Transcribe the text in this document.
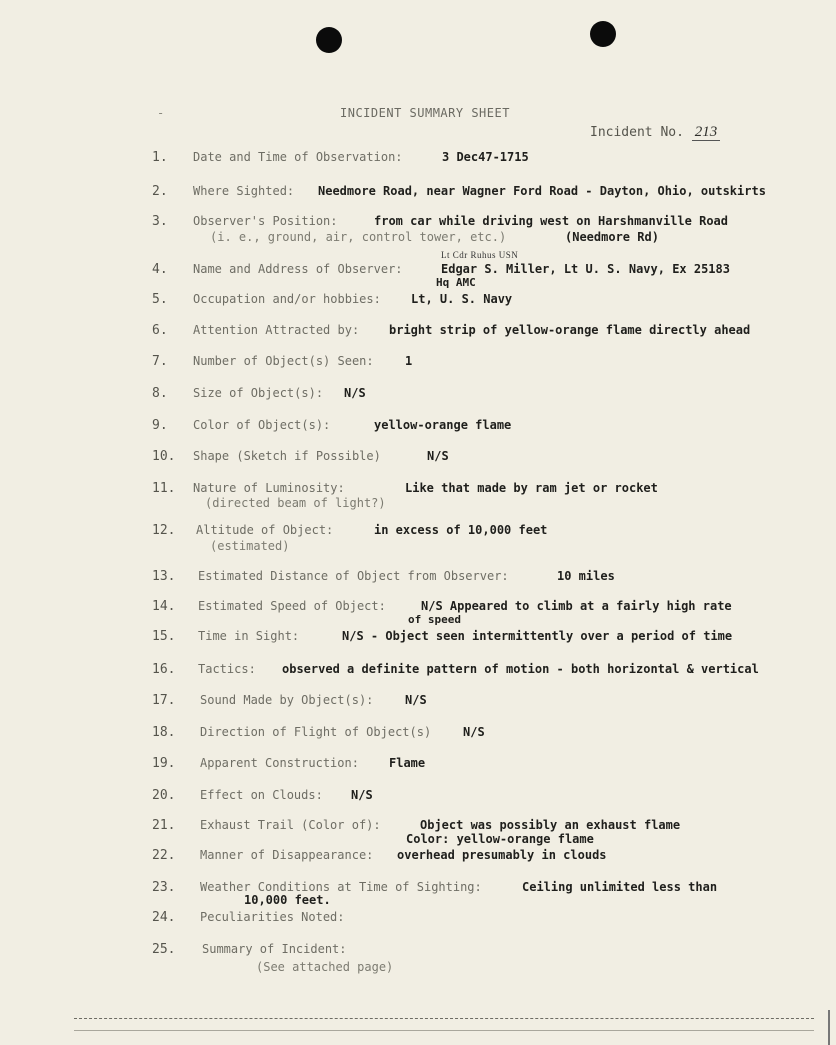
-	INCIDENT SUMMARY SHEET
Incident No. 213
1.	Date and Time of Observation:	3 Dec47-1715
2.	Where Sighted: Needmore Road, near Wagner Ford Road - Dayton, Ohio, outskirts
3.	Observer's Position:	from car while driving west on Harshmanville Road
(i. e., ground, air, control tower, etc.)	(Needmore Rd)
Lt Cdr Ruhus USN
4.	Name and Address of Observer:	Edgar S. Miller, Lt U. S. Navy, Ex 25183
Hq AMC
5.	Occupation and/or hobbies:	Lt, U. S. Navy
6.	Attention Attracted by: bright strip of yellow-orange flame directly ahead
7.	Number of Object(s) Seen:	1
8.	Size of Object(s): N/S
9.	Color of Object(s):	yellow-orange flame
10. Shape (Sketch if Possible)	N/S
11. Nature of Luminosity:	Like that made by ram jet or rocket
(directed beam of light?)
12. Altitude of Object:	in excess of 10,000 feet
(estimated)
13. Estimated Distance of Object from Observer:	10 miles
14. Estimated Speed of Object:	N/S Appeared to climb at a fairly high rate
of speed
15. Time in Sight:	N/S - Object seen intermittently over a period of time
16. Tactics: observed a definite pattern of motion - both horizontal & vertical
17. Sound Made by Object(s):	N/S
18. Direction of Flight of Object(s)	N/S
19. Apparent Construction:	Flame
20. Effect on Clouds: N/S
21. Exhaust Trail (Color of):	Object was possibly an exhaust flame
Color: yellow-orange flame
22. Manner of Disappearance: overhead presumably in clouds
23. Weather Conditions at Time of Sighting:	Ceiling unlimited less than
10,000 feet.
24. Peculiarities Noted:
25. Summary of Incident:
(See attached page)
